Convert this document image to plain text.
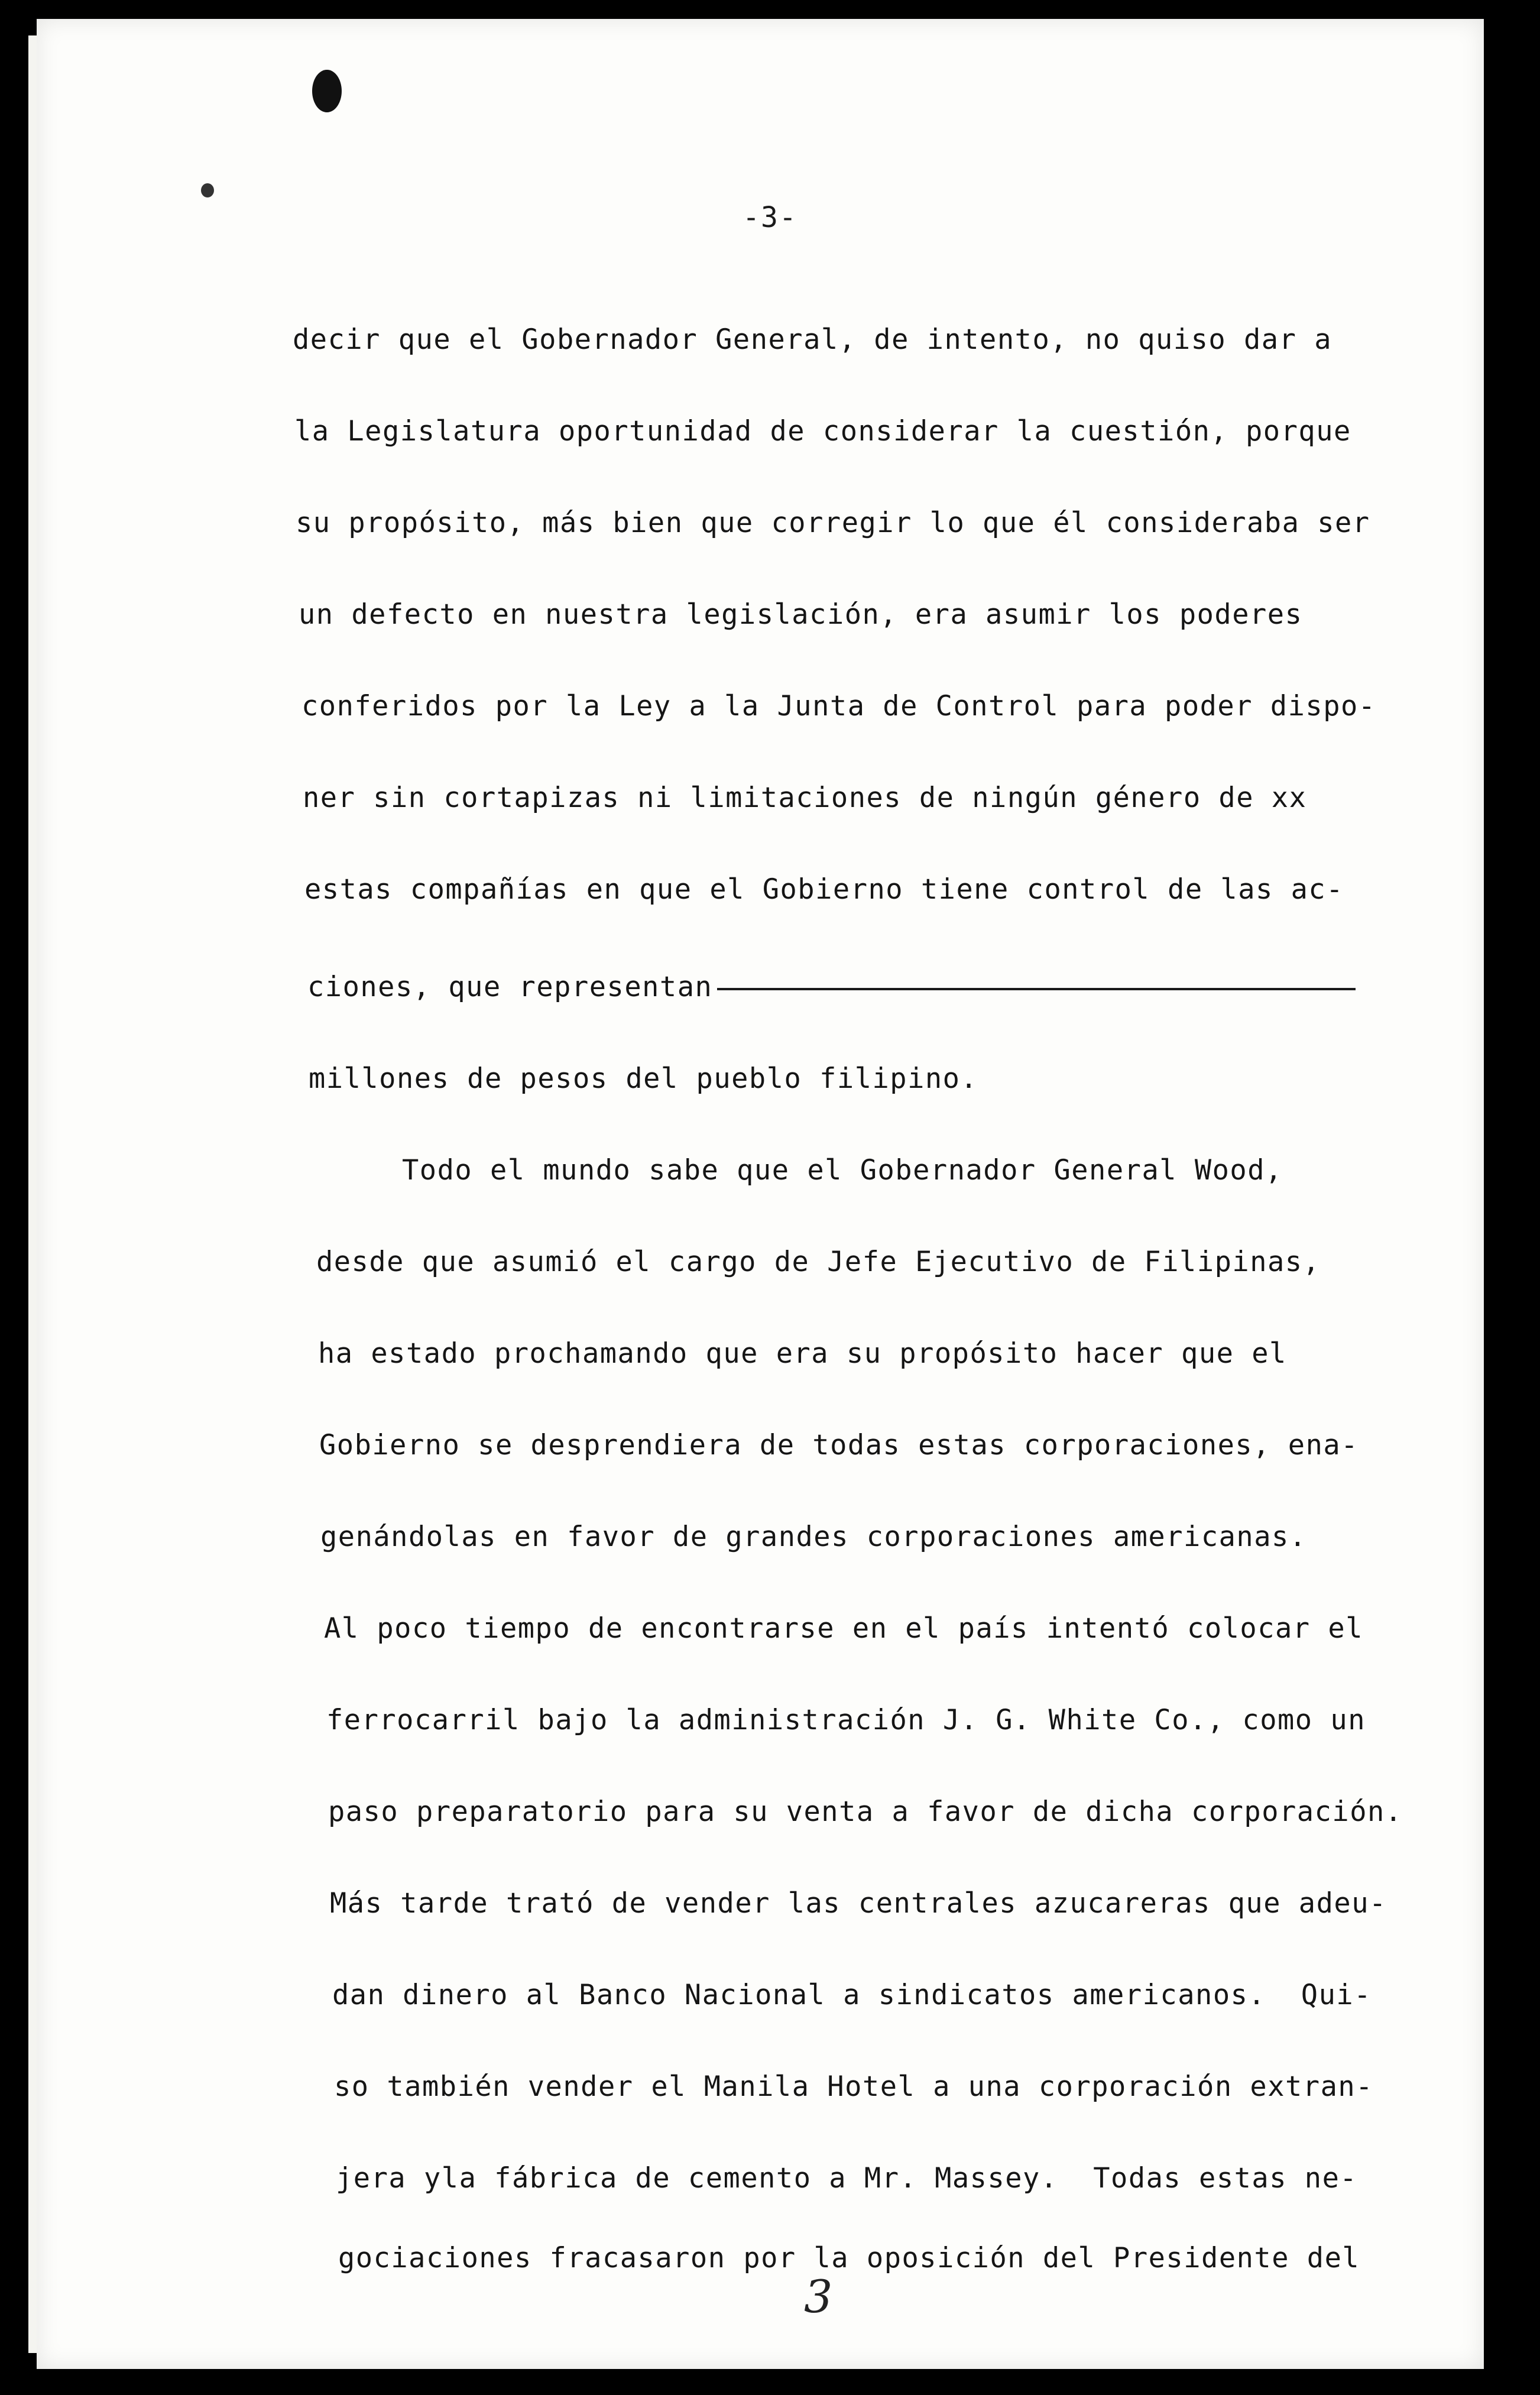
-3-
decir que el Gobernador General, de intento, no quiso dar a
la Legislatura oportunidad de considerar la cuestión, porque
su propósito, más bien que corregir lo que él consideraba ser
un defecto en nuestra legislación, era asumir los poderes
conferidos por la Ley a la Junta de Control para poder dispo-
ner sin cortapizas ni limitaciones de ningún género de xx
estas compañías en que el Gobierno tiene control de las ac-
ciones, que representan
millones de pesos del pueblo filipino.
Todo el mundo sabe que el Gobernador General Wood,
desde que asumió el cargo de Jefe Ejecutivo de Filipinas,
ha estado prochamando que era su propósito hacer que el
Gobierno se desprendiera de todas estas corporaciones, ena-
genándolas en favor de grandes corporaciones americanas.
Al poco tiempo de encontrarse en el país intentó colocar el
ferrocarril bajo la administración J. G. White Co., como un
paso preparatorio para su venta a favor de dicha corporación.
Más tarde trató de vender las centrales azucareras que adeu-
dan dinero al Banco Nacional a sindicatos americanos.  Qui-
so también vender el Manila Hotel a una corporación extran-
jera yla fábrica de cemento a Mr. Massey.  Todas estas ne-
gociaciones fracasaron por la oposición del Presidente del
3
